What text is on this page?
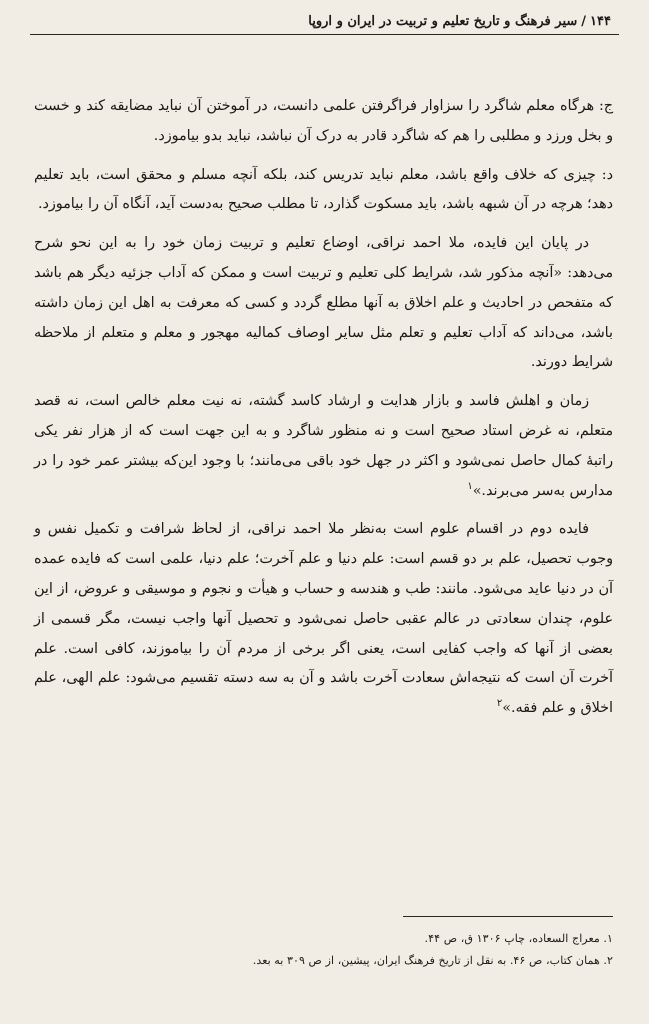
۱۴۴
/
سیر فرهنگ و تاریخ تعلیم و تربیت در ایران و اروپا

ج: هرگاه معلم شاگرد را سزاوار فراگرفتن علمی دانست، در آموختن آن نباید مضایقه کند و خست و بخل ورزد و مطلبی را هم که شاگرد قادر به درک آن نباشد، نباید بدو بیاموزد.

د: چیزی که خلاف واقع باشد، معلم نباید تدریس کند، بلکه آنچه مسلم و محقق است، باید تعلیم دهد؛ هرچه در آن شبهه باشد، باید مسکوت گذارد، تا مطلب صحیح به‌دست آید، آنگاه آن را بیاموزد.

در پایان این فایده، ملا احمد نراقی، اوضاع تعلیم و تربیت زمان خود را به این نحو شرح می‌دهد: «آنچه مذکور شد، شرایط کلی تعلیم و تربیت است و ممکن که آداب جزئیه دیگر هم باشد که متفحص در احادیث و علم اخلاق به آنها مطلع گردد و کسی که معرفت به اهل این زمان داشته باشد، می‌داند که آداب تعلیم و تعلم مثل سایر اوصاف کمالیه مهجور و معلم و متعلم از ملاحظه شرایط دورند.

زمان و اهلش فاسد و بازار هدایت و ارشاد کاسد گشته، نه نیت معلم خالص است، نه قصد متعلم، نه غرض استاد صحیح است و نه منظور شاگرد و به این جهت است که از هزار نفر یکی راتبهٔ کمال حاصل نمی‌شود و اکثر در جهل خود باقی می‌مانند؛ با وجود این‌که بیشتر عمر خود را در مدارس به‌سر می‌برند.»$^۱$

فایده دوم در اقسام علوم است به‌نظر ملا احمد نراقی، از لحاظ شرافت و تکمیل نفس و وجوب تحصیل، علم بر دو قسم است: علم دنیا و علم آخرت؛ علم دنیا، علمی است که فایده عمده آن در دنیا عاید می‌شود. مانند: طب و هندسه و حساب و هیأت و نجوم و موسیقی و عروض، از این علوم، چندان سعادتی در عالم عقبی حاصل نمی‌شود و تحصیل آنها واجب نیست، مگر قسمی از بعضی از آنها که واجب کفایی است، یعنی اگر برخی از مردم آن را بیاموزند، کافی است. علم آخرت آن است که نتیجه‌اش سعادت آخرت باشد و آن به سه دسته تقسیم می‌شود: علم الهی، علم اخلاق و علم فقه.»$^۲$

۱. معراج السعاده، چاپ ۱۳۰۶ ق، ص ۴۴.
۲. همان کتاب، ص ۴۶. به نقل از تاریخ فرهنگ ایران، پیشین، از ص ۳۰۹ به بعد.
